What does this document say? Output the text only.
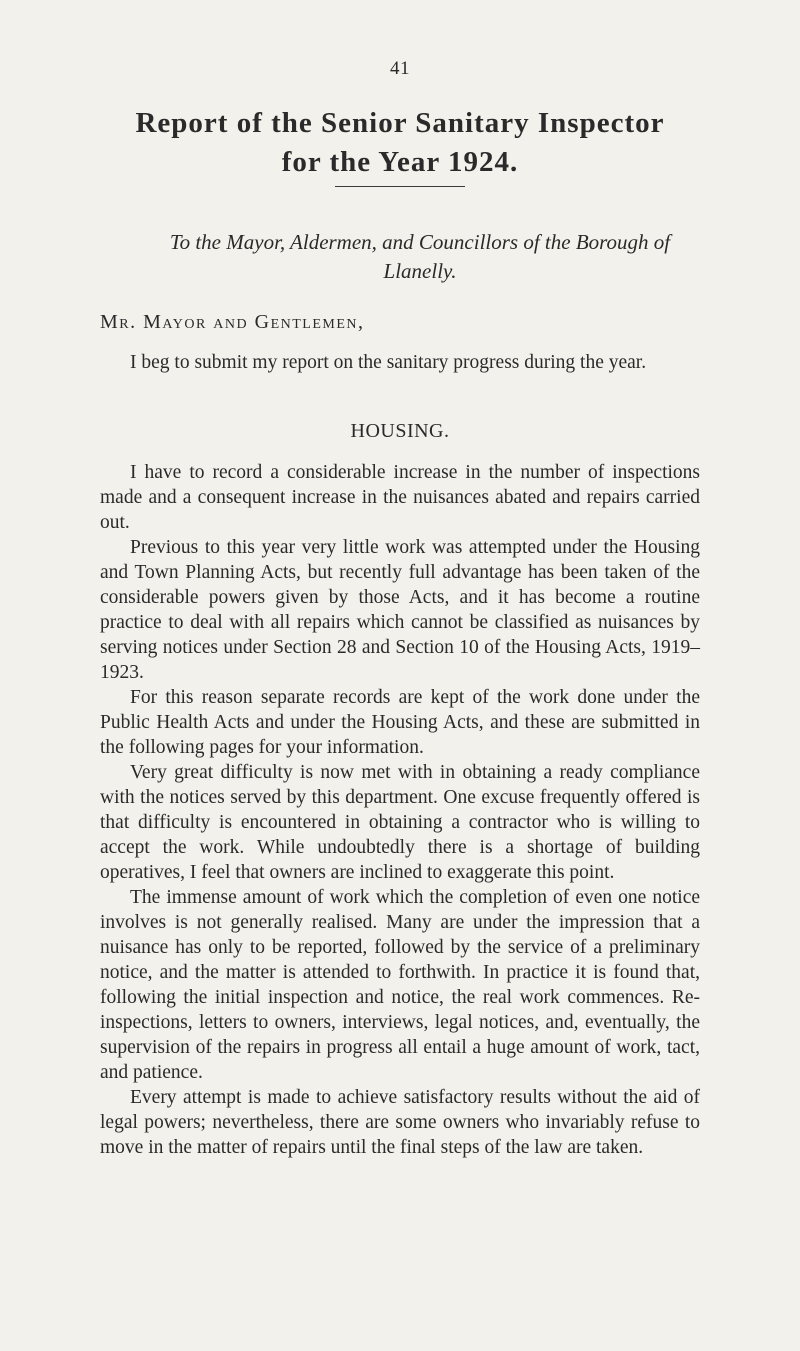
41
Report of the Senior Sanitary Inspector
for the Year 1924.
To the Mayor, Aldermen, and Councillors of the Borough of Llanelly.
Mr. Mayor and Gentlemen,
I beg to submit my report on the sanitary progress during the year.
HOUSING.

I have to record a considerable increase in the number of inspections made and a consequent increase in the nuisances abated and repairs carried out.

Previous to this year very little work was attempted under the Housing and Town Planning Acts, but recently full advantage has been taken of the considerable powers given by those Acts, and it has become a routine practice to deal with all repairs which cannot be classified as nuisances by serving notices under Section 28 and Section 10 of the Housing Acts, 1919–1923.

For this reason separate records are kept of the work done under the Public Health Acts and under the Housing Acts, and these are submitted in the following pages for your information.

Very great difficulty is now met with in obtaining a ready compliance with the notices served by this department. One excuse frequently offered is that difficulty is encountered in obtaining a contractor who is willing to accept the work. While undoubtedly there is a shortage of building operatives, I feel that owners are inclined to exaggerate this point.

The immense amount of work which the completion of even one notice involves is not generally realised. Many are under the impression that a nuisance has only to be reported, followed by the service of a preliminary notice, and the matter is attended to forthwith. In practice it is found that, following the initial inspection and notice, the real work commences. Re-inspections, letters to owners, interviews, legal notices, and, eventually, the supervision of the repairs in progress all entail a huge amount of work, tact, and patience.

Every attempt is made to achieve satisfactory results without the aid of legal powers; nevertheless, there are some owners who invariably refuse to move in the matter of repairs until the final steps of the law are taken.
